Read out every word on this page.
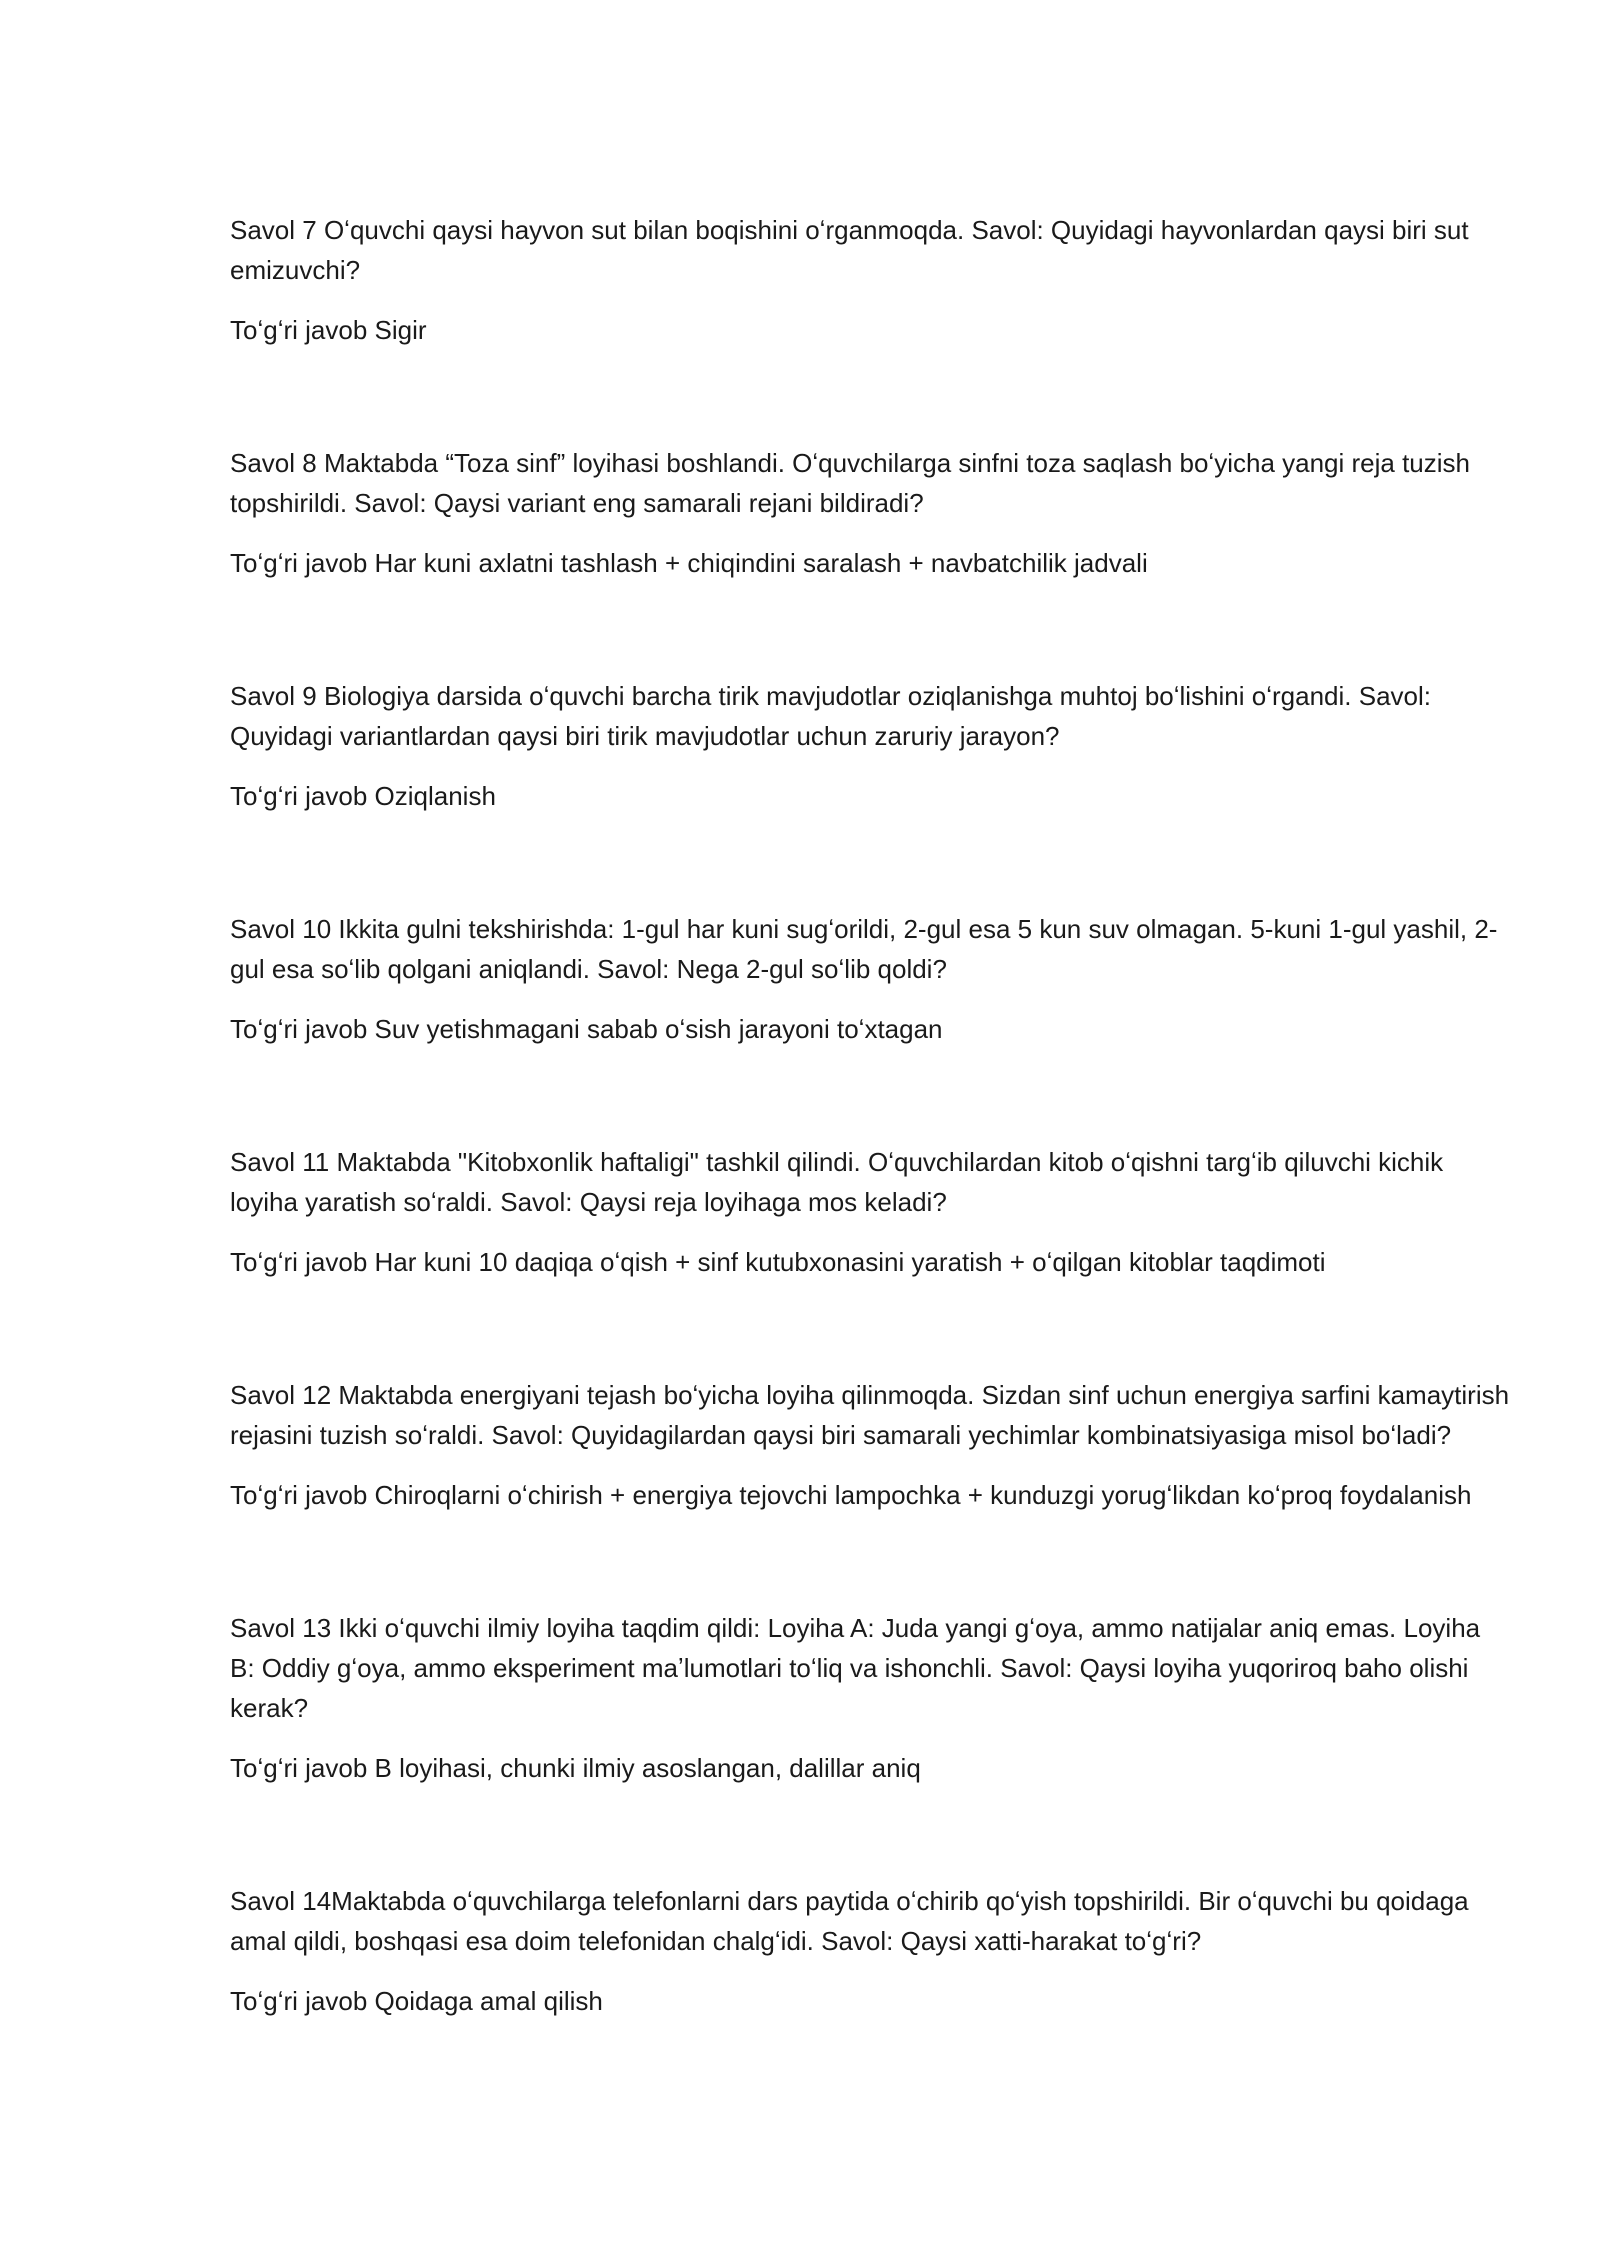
Savol 7 Oʻquvchi qaysi hayvon sut bilan boqishini oʻrganmoqda. Savol: Quyidagi hayvonlardan qaysi biri sut emizuvchi?

Toʻgʻri javob Sigir

Savol 8 Maktabda “Toza sinf” loyihasi boshlandi. Oʻquvchilarga sinfni toza saqlash boʻyicha yangi reja tuzish topshirildi. Savol: Qaysi variant eng samarali rejani bildiradi?

Toʻgʻri javob Har kuni axlatni tashlash + chiqindini saralash + navbatchilik jadvali

Savol 9 Biologiya darsida oʻquvchi barcha tirik mavjudotlar oziqlanishga muhtoj boʻlishini oʻrgandi. Savol: Quyidagi variantlardan qaysi biri tirik mavjudotlar uchun zaruriy jarayon?

Toʻgʻri javob Oziqlanish

Savol 10 Ikkita gulni tekshirishda: 1-gul har kuni sugʻorildi, 2-gul esa 5 kun suv olmagan. 5-kuni 1-gul yashil, 2-gul esa soʻlib qolgani aniqlandi. Savol: Nega 2-gul soʻlib qoldi?

Toʻgʻri javob Suv yetishmagani sabab oʻsish jarayoni toʻxtagan

Savol 11 Maktabda "Kitobxonlik haftaligi" tashkil qilindi. Oʻquvchilardan kitob oʻqishni targʻib qiluvchi kichik loyiha yaratish soʻraldi. Savol: Qaysi reja loyihaga mos keladi?

Toʻgʻri javob Har kuni 10 daqiqa oʻqish + sinf kutubxonasini yaratish + oʻqilgan kitoblar taqdimoti

Savol 12 Maktabda energiyani tejash boʻyicha loyiha qilinmoqda. Sizdan sinf uchun energiya sarfini kamaytirish rejasini tuzish soʻraldi. Savol: Quyidagilardan qaysi biri samarali yechimlar kombinatsiyasiga misol boʻladi?

Toʻgʻri javob Chiroqlarni oʻchirish + energiya tejovchi lampochka + kunduzgi yorugʻlikdan koʻproq foydalanish

Savol 13 Ikki oʻquvchi ilmiy loyiha taqdim qildi: Loyiha A: Juda yangi gʻoya, ammo natijalar aniq emas. Loyiha B: Oddiy gʻoya, ammo eksperiment maʼlumotlari toʻliq va ishonchli. Savol: Qaysi loyiha yuqoriroq baho olishi kerak?

Toʻgʻri javob B loyihasi, chunki ilmiy asoslangan, dalillar aniq

Savol 14Maktabda oʻquvchilarga telefonlarni dars paytida oʻchirib qoʻyish topshirildi. Bir oʻquvchi bu qoidaga amal qildi, boshqasi esa doim telefonidan chalgʻidi. Savol: Qaysi xatti-harakat toʻgʻri?

Toʻgʻri javob Qoidaga amal qilish
